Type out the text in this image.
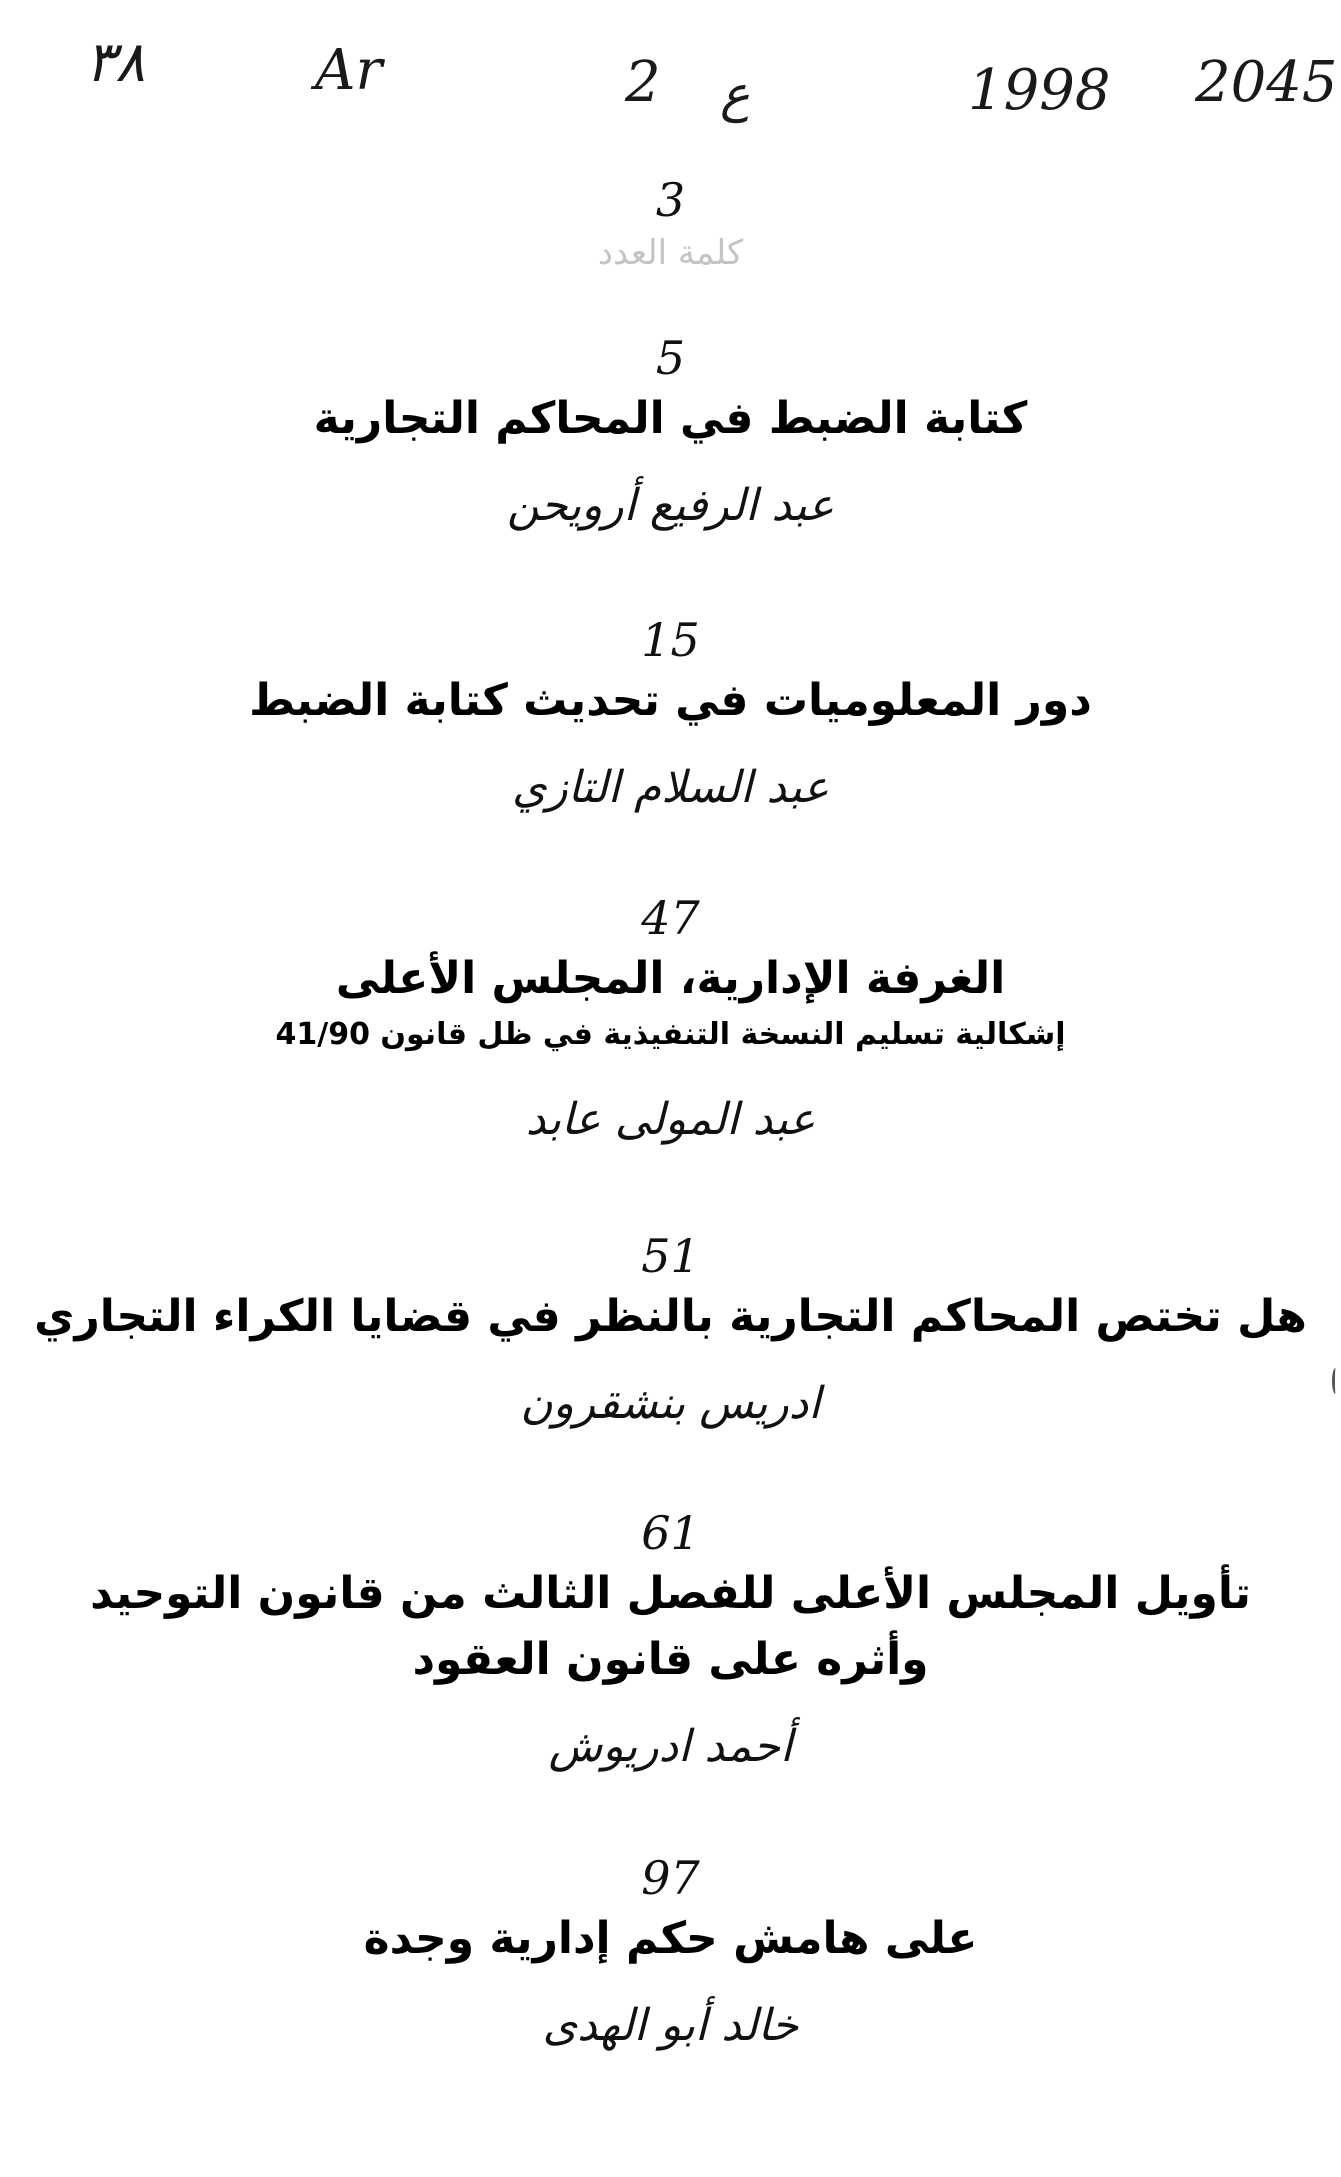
٣٨	Ar	2 ع	1998 2045
3
كلمة العدد
5
كتابة الضبط في المحاكم التجارية
عبد الرفيع أرويحن
15
دور المعلوميات في تحديث كتابة الضبط
عبد السلام التازي
47
الغرفة الإدارية، المجلس الأعلى
إشكالية تسليم النسخة التنفيذية في ظل قانون 41/90
عبد المولى عابد
51
هل تختص المحاكم التجارية بالنظر في قضايا الكراء التجاري
ادريس بنشقرون
61
تأويل المجلس الأعلى للفصل الثالث من قانون التوحيد
وأثره على قانون العقود
أحمد ادريوش
97
على هامش حكم إدارية وجدة
خالد أبو الهدى
